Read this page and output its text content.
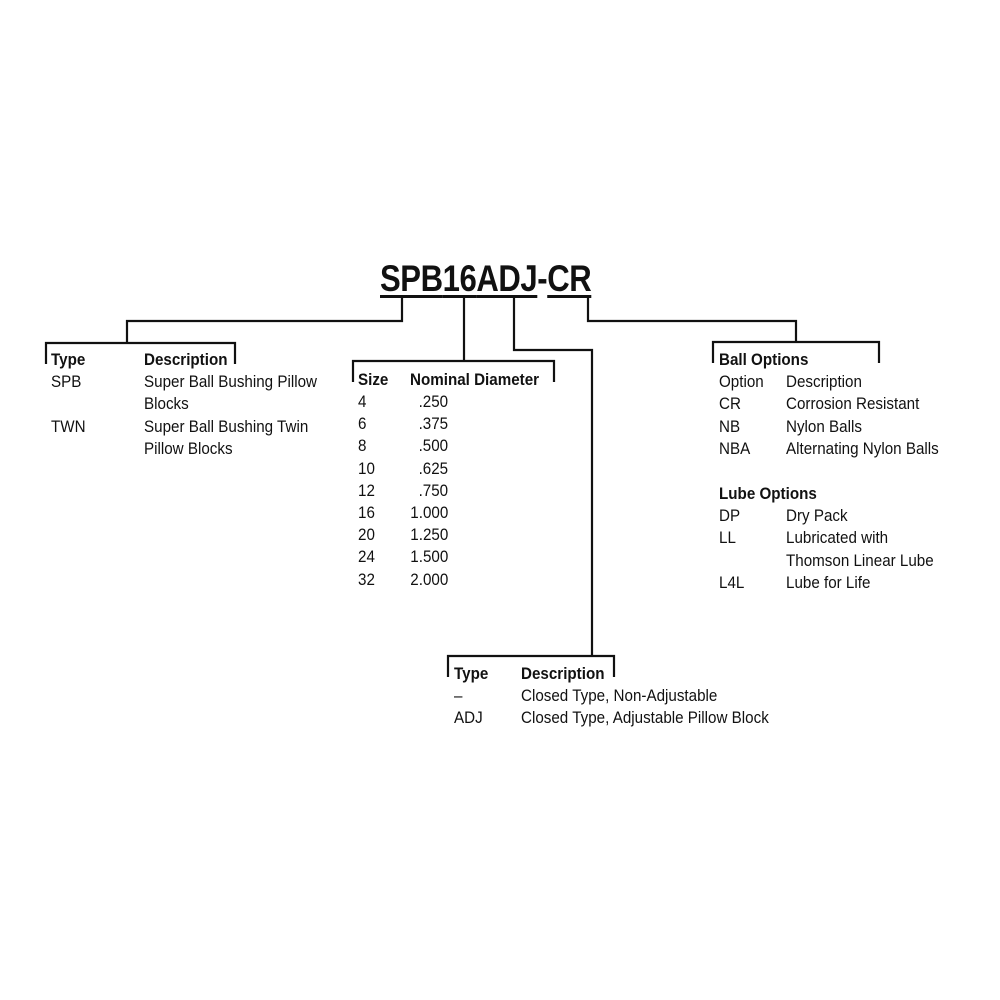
SPB16ADJ-CR
Type	Description
SPB	Super Ball Bushing Pillow
Blocks
TWN	Super Ball Bushing Twin
Pillow Blocks
Size Nominal Diameter
4	.250
6	.375
8	.500
10	.625
12	.750
16 1.000
20 1.250
24 1.500
32 2.000
Ball Options
Option Description
CR	Corrosion Resistant
NB	Nylon Balls
NBA Alternating Nylon Balls
Lube Options
DP	Dry Pack
LL	Lubricated with
Thomson Linear Lube
L4L	Lube for Life
Type Description
–	Closed Type, Non-Adjustable
ADJ Closed Type, Adjustable Pillow Block
